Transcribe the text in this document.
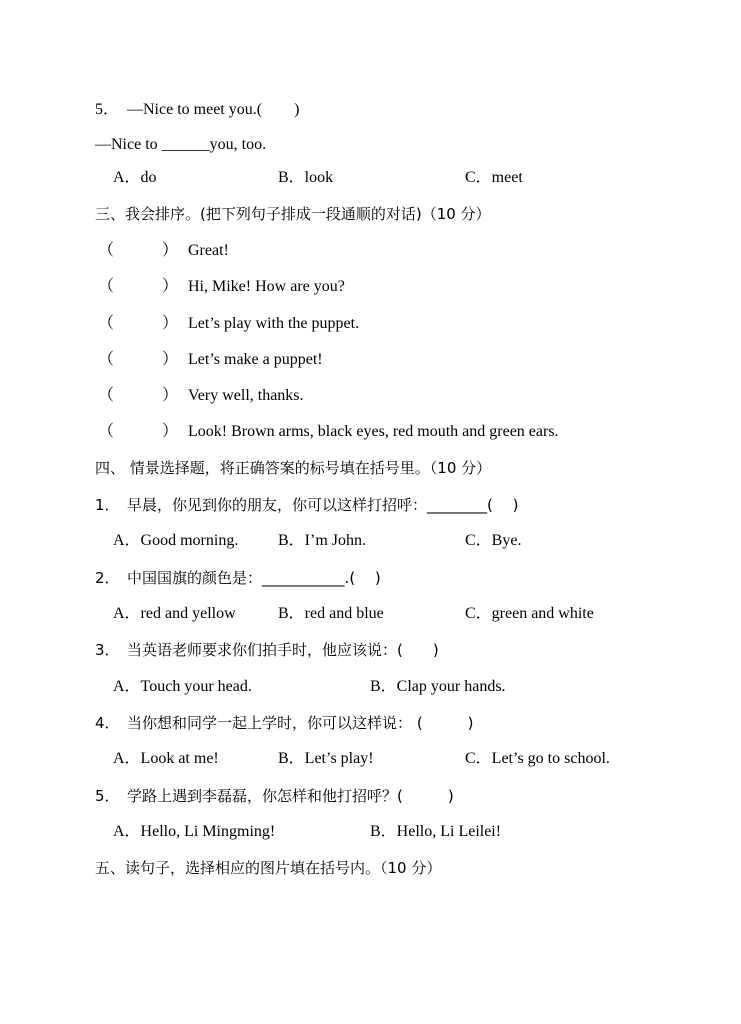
5．　—Nice to meet you.(　　)
—Nice to ______you, too.
A．do	B．look	C．meet
三、我会排序。(把下列句子排成一段通顺的对话)（10 分）
（　　　） Great!
（　　　） Hi, Mike! How are you?
（　　　） Let’s play with the puppet.
（　　　） Let’s make a puppet!
（　　　） Very well, thanks.
（　　　） Look! Brown arms, black eyes, red mouth and green ears.
四、 情景选择题，将正确答案的标号填在括号里。（10 分）
1．　早晨，你见到你的朋友，你可以这样打招呼：________(　 )
A．Good morning. B．I’m John.	C．Bye.
2．　中国国旗的颜色是：___________.(　 )
A．red and yellow	B．red and blue	C．green and white
3．　当英语老师要求你们拍手时，他应该说：(　　)
A．Touch your head.	B．Clap your hands.
4．　当你想和同学一起上学时，你可以这样说： (　　　)
A．Look at me!	B．Let’s play!	C．Let’s go to school.
5．　学路上遇到李磊磊，你怎样和他打招呼？(　　　)
A．Hello, Li Mingming!	B．Hello, Li Leilei!
五、读句子，选择相应的图片填在括号内。（10 分）
